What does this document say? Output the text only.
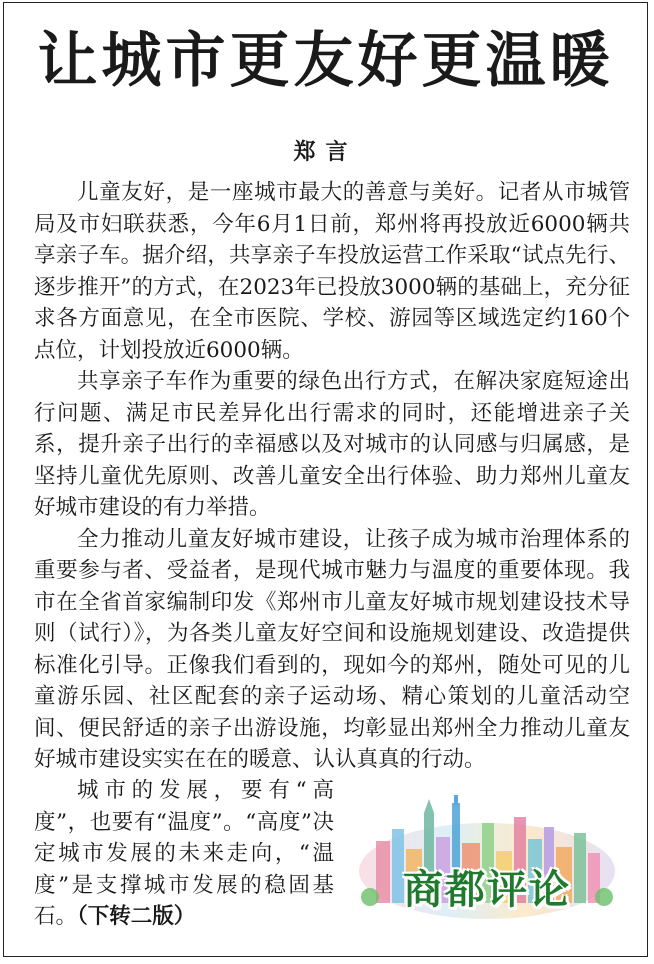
让城市更友好更温暖
郑言

儿童友好，是一座城市最大的善意与美好。记者从市城管局及市妇联获悉，今年6月1日前，郑州将再投放近6000辆共享亲子车。据介绍，共享亲子车投放运营工作采取“试点先行、逐步推开”的方式，在2023年已投放3000辆的基础上，充分征求各方面意见，在全市医院、学校、游园等区域选定约160个点位，计划投放近6000辆。

共享亲子车作为重要的绿色出行方式，在解决家庭短途出行问题、满足市民差异化出行需求的同时，还能增进亲子关系，提升亲子出行的幸福感以及对城市的认同感与归属感，是坚持儿童优先原则、改善儿童安全出行体验、助力郑州儿童友好城市建设的有力举措。

全力推动儿童友好城市建设，让孩子成为城市治理体系的重要参与者、受益者，是现代城市魅力与温度的重要体现。我市在全省首家编制印发《郑州市儿童友好城市规划建设技术导则（试行）》，为各类儿童友好空间和设施规划建设、改造提供标准化引导。正像我们看到的，现如今的郑州，随处可见的儿童游乐园、社区配套的亲子运动场、精心策划的儿童活动空间、便民舒适的亲子出游设施，均彰显出郑州全力推动儿童友好城市建设实实在在的暖意、认认真真的行动。

城市的发展，要有“高度”，也要有“温度”。“高度”决定城市发展的未来走向，“温度”是支撑城市发展的稳固基石。（下转二版）

商都评论
